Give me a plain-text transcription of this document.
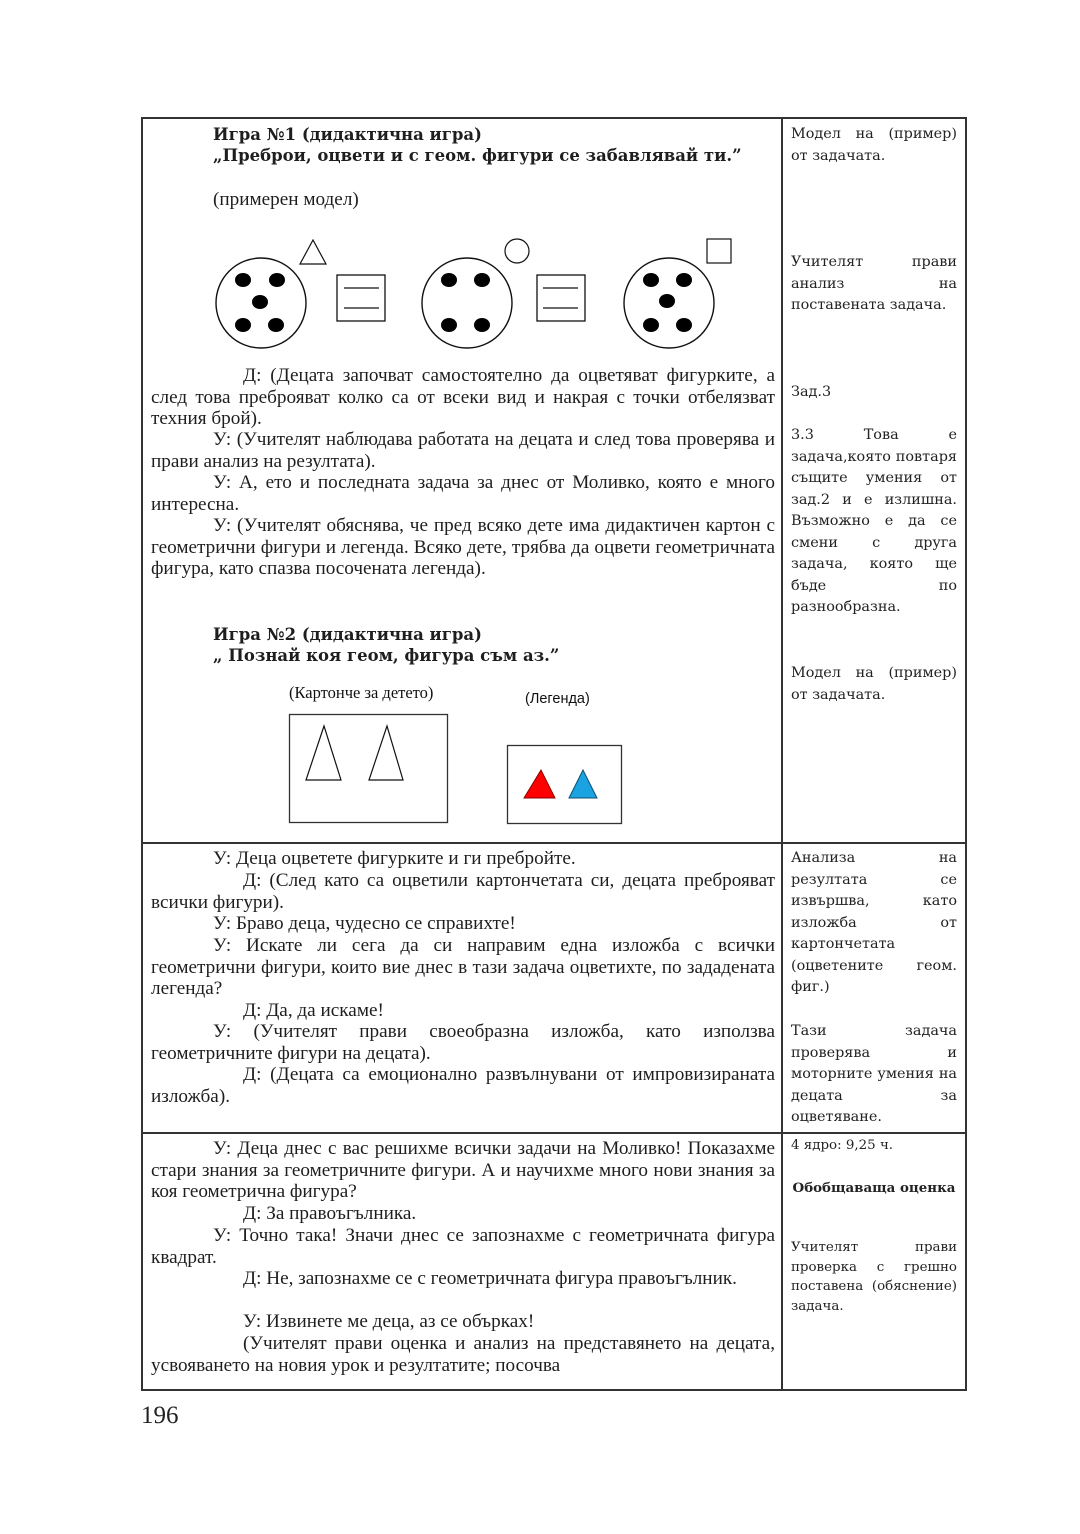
Игра №1 (дидактична игра)
„Преброи, оцвети и с геом. фигури се забавлявай ти.”
(примерен модел)
Д: (Децата започват самостоятелно да оцветяват фигурките, а след това преброяват колко са от всеки вид и накрая с точки отбелязват техния брой).
У: (Учителят наблюдава работата на децата и след това проверява и прави анализ на резултата).
У: А, ето и последната задача за днес от Моливко, която е много интересна.
У: (Учителят обяснява, че пред всяко дете има дидактичен картон с геометрични фигури и легенда. Всяко дете, трябва да оцвети геометричната фигура, като спазва посочената легенда).
Игра №2 (дидактична игра)
„ Познай коя геом, фигура съм аз.”
(Картонче за детето)	(Легенда)
Модел на (пример) от задачата.
Учителят прави анализ на поставената задача.
Зад.3
3.3 Това е задача,която повтаря същите умения от зад.2 и е излишна. Възможно е да се смени с друга задача, която ще бъде по разнообразна.
Модел на (пример) от задачата.
У: Деца оцветете фигурките и ги пребройте.
Д: (След като са оцветили картончетата си, децата преброяват всички фигури).
У: Браво деца, чудесно се справихте!
У: Искате ли сега да си направим една изложба с всички геометрични фигури, които вие днес в тази задача оцветихте, по зададената легенда?
Д: Да, да искаме!
У: (Учителят прави своеобразна изложба, като използва геометричните фигури на децата).
Д: (Децата са емоционално развълнувани от импровизираната изложба).
Анализа на резултата се извършва, като изложба от картончетата (оцветените геом. фиг.)
Тази задача проверява и моторните умения на децата за оцветяване.
У: Деца днес с вас решихме всички задачи на Моливко! Показахме стари знания за геометричните фигури. А и научихме много нови знания за коя геометрична фигура?
Д: За правоъгълника.
У: Точно така! Значи днес се запознахме с геометричната фигура квадрат.
Д: Не, запознахме се с геометричната фигура правоъгълник.
У: Извинете ме деца, аз се обърках!
(Учителят прави оценка и анализ на представянето на децата, усвояването на новия урок и резултатите; посочва
4 ядро: 9,25 ч.
Обобщаваща оценка
Учителят прави проверка с грешно поставена (обяснение) задача.
196
